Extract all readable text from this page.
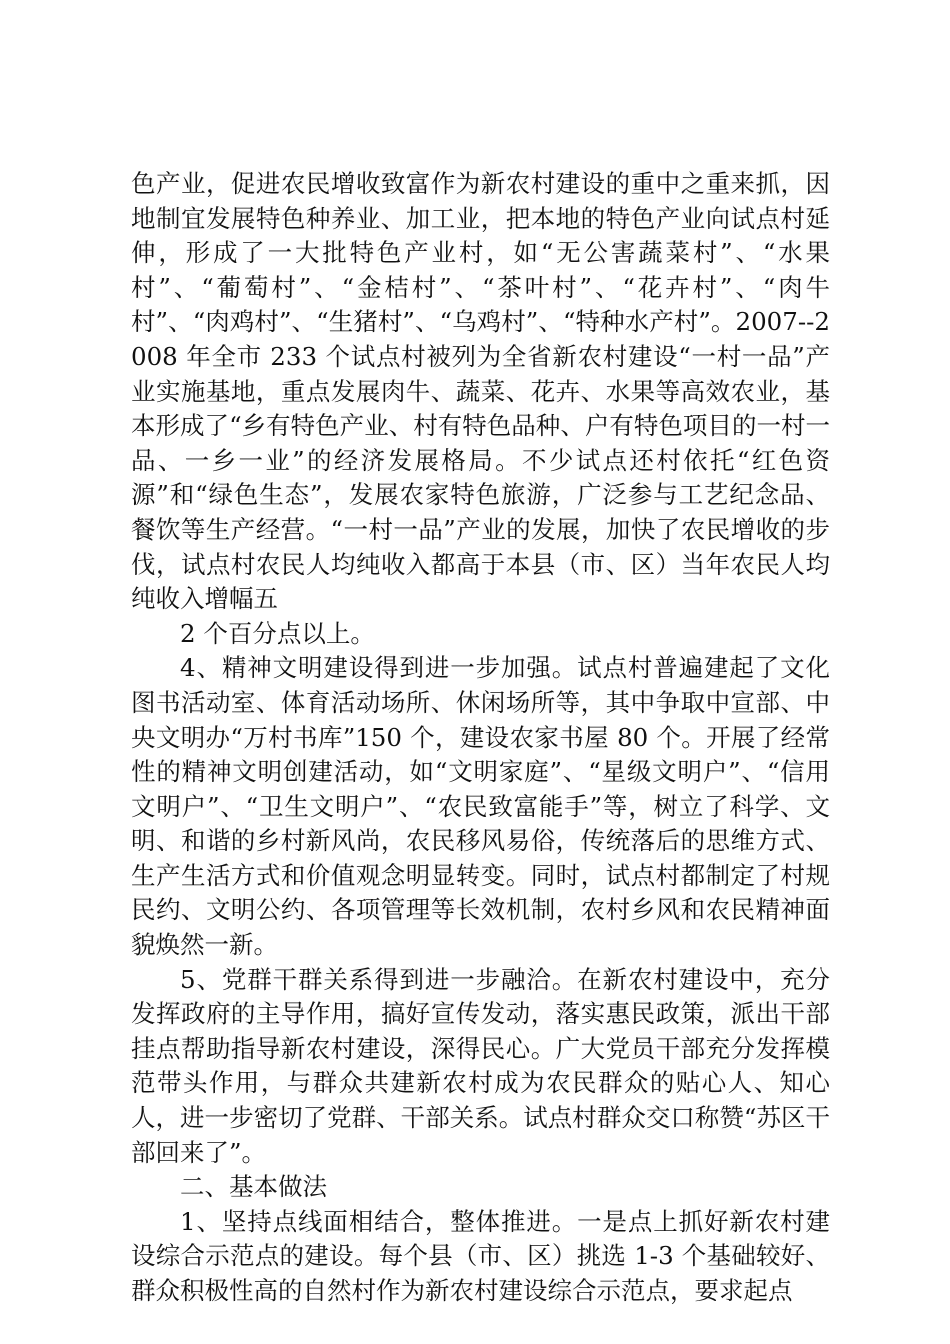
色产业，促进农民增收致富作为新农村建设的重中之重来抓，因地制宜发展特色种养业、加工业，把本地的特色产业向试点村延伸，形成了一大批特色产业村，如“无公害蔬菜村”、“水果村”、“葡萄村”、“金桔村”、“茶叶村”、“花卉村”、“肉牛村”、“肉鸡村”、“生猪村”、“乌鸡村”、“特种水产村”。2007--2008 年全市 233 个试点村被列为全省新农村建设“一村一品”产业实施基地，重点发展肉牛、蔬菜、花卉、水果等高效农业，基本形成了“乡有特色产业、村有特色品种、户有特色项目的一村一品、一乡一业”的经济发展格局。不少试点还村依托“红色资源”和“绿色生态”，发展农家特色旅游，广泛参与工艺纪念品、餐饮等生产经营。“一村一品”产业的发展，加快了农民增收的步伐，试点村农民人均纯收入都高于本县（市、区）当年农民人均纯收入增幅五

2 个百分点以上。

4、精神文明建设得到进一步加强。试点村普遍建起了文化图书活动室、体育活动场所、休闲场所等，其中争取中宣部、中央文明办“万村书库”150 个，建设农家书屋 80 个。开展了经常性的精神文明创建活动，如“文明家庭”、“星级文明户”、“信用文明户”、“卫生文明户”、“农民致富能手”等，树立了科学、文明、和谐的乡村新风尚，农民移风易俗，传统落后的思维方式、生产生活方式和价值观念明显转变。同时，试点村都制定了村规民约、文明公约、各项管理等长效机制，农村乡风和农民精神面貌焕然一新。

5、党群干群关系得到进一步融洽。在新农村建设中，充分发挥政府的主导作用，搞好宣传发动，落实惠民政策，派出干部挂点帮助指导新农村建设，深得民心。广大党员干部充分发挥模范带头作用，与群众共建新农村成为农民群众的贴心人、知心人，进一步密切了党群、干部关系。试点村群众交口称赞“苏区干部回来了”。

二、基本做法

1、坚持点线面相结合，整体推进。一是点上抓好新农村建设综合示范点的建设。每个县（市、区）挑选 1-3 个基础较好、群众积极性高的自然村作为新农村建设综合示范点，要求起点
